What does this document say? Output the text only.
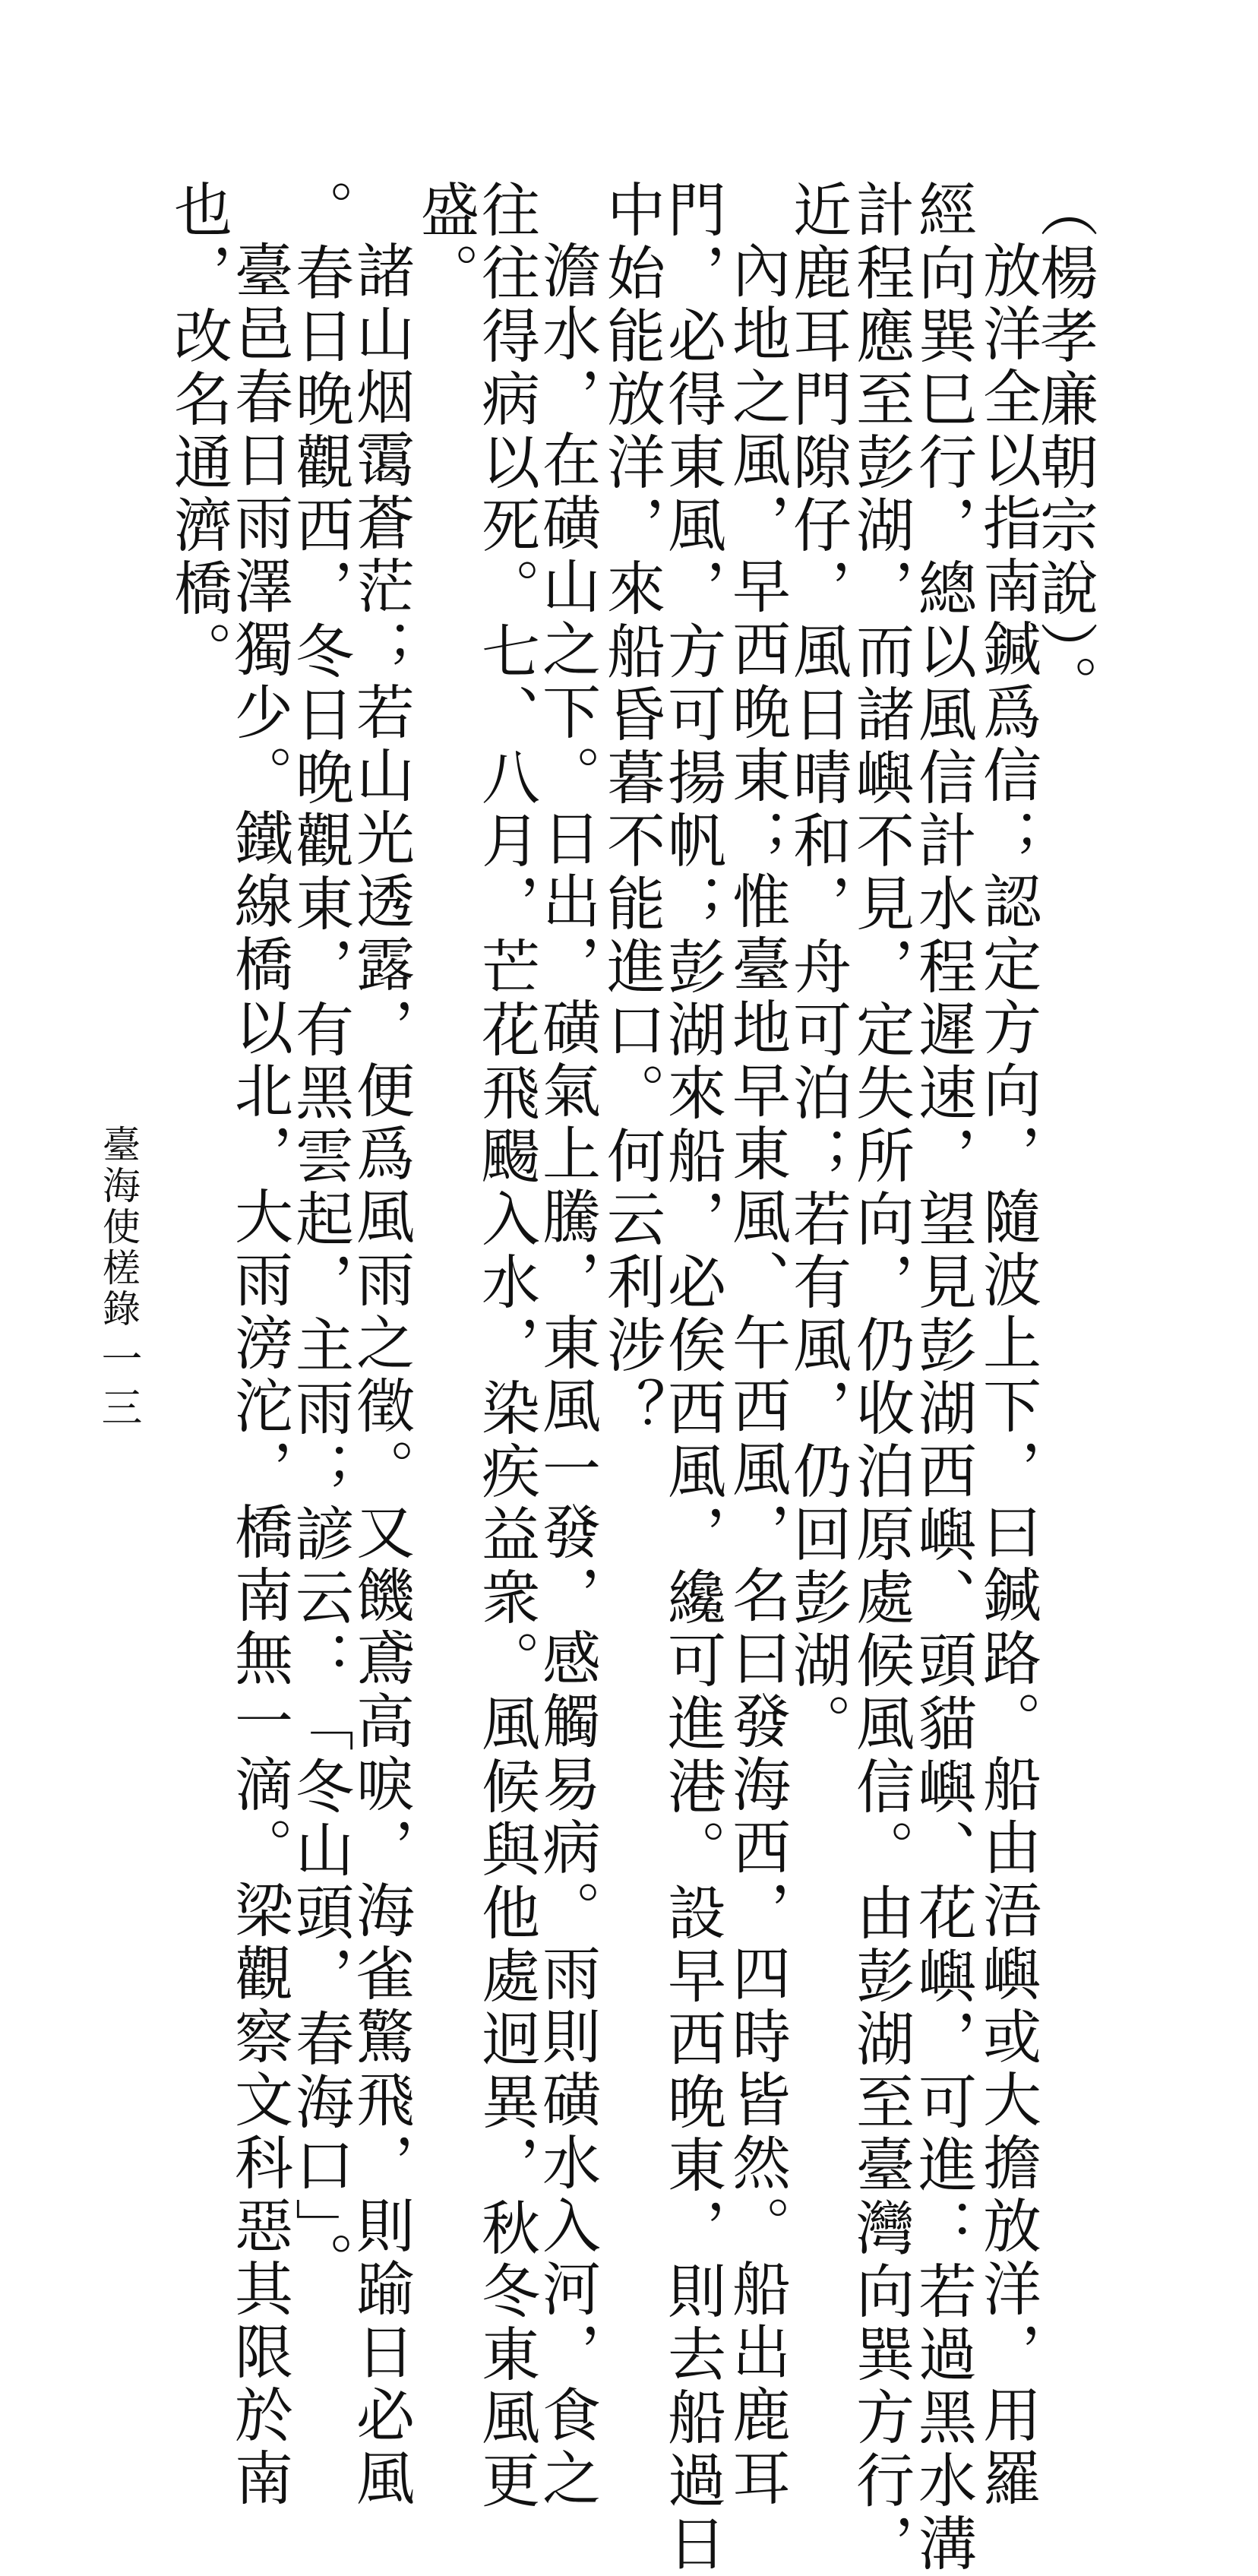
（楊孝廉朝宗說）。
放洋全以指南鍼爲信；認定方向，隨波上下，曰鍼路。船由浯嶼或大擔放洋，用羅
經向巽巳行，總以風信計水程遲速，望見彭湖西嶼、頭貓嶼、花嶼，可進：若過黑水溝
計程應至彭湖，而諸嶼不見，定失所向，仍收泊原處候風信。由彭湖至臺灣向巽方行，
近鹿耳門隙仔，風日晴和，舟可泊；若有風，仍回彭湖。
內地之風，早西晚東；惟臺地早東風、午西風，名曰發海西，四時皆然。船出鹿耳
門，必得東風，方可揚帆；彭湖來船，必俟西風，纔可進港。設早西晚東，則去船過日
中始能放洋，來船昏暮不能進口。何云利涉？
澹水，在磺山之下。日出，磺氣上騰，東風一發，感觸易病。雨則磺水入河，食之
往往得病以死。七、八月，芒花飛颺入水，染疾益衆。風候與他處迥異，秋冬東風更
盛。
諸山烟霭蒼茫；若山光透露，便爲風雨之徵。又饑鳶高唳，海雀驚飛，則踰日必風
。春日晚觀西，冬日晚觀東，有黑雲起，主雨；諺云：「冬山頭，春海口」。
臺邑春日雨澤獨少。鐵線橋以北，大雨滂沱，橋南無一滴。梁觀察文科惡其限於南
也，改名通濟橋。
臺海使槎錄
一三
